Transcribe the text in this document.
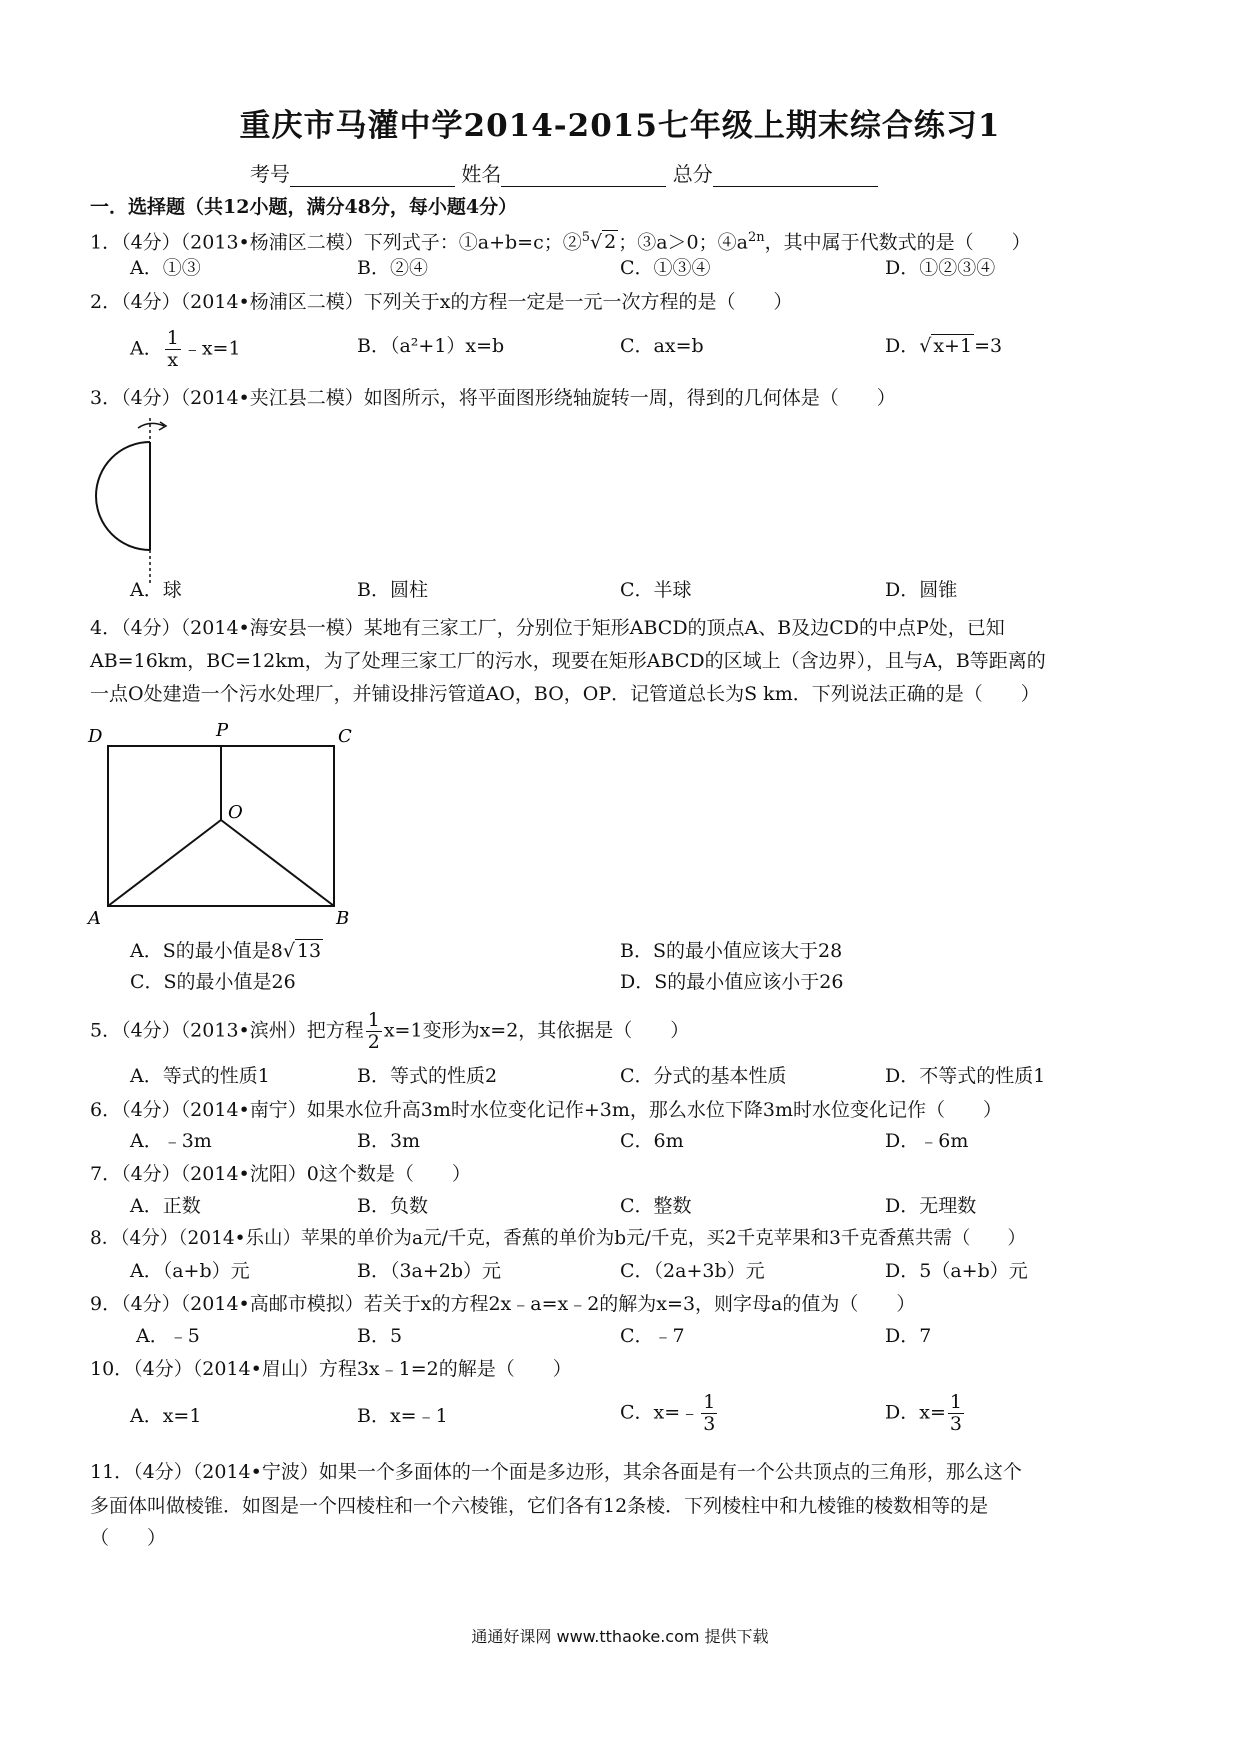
重庆市马灌中学2014-2015七年级上期末综合练习1
考号	姓名	总分
一．选择题（共12小题，满分48分，每小题4分）
1．（4分）（2013•杨浦区二模）下列式子：①a+b=c；②$^5$√ 2 ；③a＞0；$④a^{2n}$，其中属于代数式的是（　　）
A．①③	B．②④	C．①③④	D．①②③④
2．（4分）（2014•杨浦区二模）下列关于x的方程一定是一元一次方程的是（　　）
A． $\frac{1}{x}$ ﹣x=1	B．（a²+1）x=b	C．ax=b	D．√ x+1 =3
3．（4分）（2014•夹江县二模）如图所示，将平面图形绕轴旋转一周，得到的几何体是（　　）
A．球	B．圆柱	C．半球	D．圆锥
4．（4分）（2014•海安县一模）某地有三家工厂，分别位于矩形ABCD的顶点A、B及边CD的中点P处，已知
AB=16km，BC=12km，为了处理三家工厂的污水，现要在矩形ABCD的区域上（含边界），且与A，B等距离的
一点O处建造一个污水处理厂，并铺设排污管道AO，BO，OP．记管道总长为S km．下列说法正确的是（　　）
D	P	C
O
A	B
A．S的最小值是8√ 13	B．S的最小值应该大于28
C．S的最小值是26	D．S的最小值应该小于26
5．（4分）（2013•滨州）把方程 $\frac{1}{2} x=1$变形为x=2，其依据是（　　）
A．等式的性质1	B．等式的性质2	C．分式的基本性质	D．不等式的性质1
6．（4分）（2014•南宁）如果水位升高3m时水位变化记作+3m，那么水位下降3m时水位变化记作（　　）
A．﹣3m	B．3m	C．6m	D．﹣6m
7．（4分）（2014•沈阳）0这个数是（　　）
A．正数	B．负数	C．整数	D．无理数
8．（4分）（2014•乐山）苹果的单价为a元/千克，香蕉的单价为b元/千克，买2千克苹果和3千克香蕉共需（　　）
A．（a+b）元	B．（3a+2b）元	C．（2a+3b）元	D．5（a+b）元
9．（4分）（2014•高邮市模拟）若关于x的方程2x﹣a=x﹣2的解为x=3，则字母a的值为（　　）
A．﹣5	B．5	C．﹣7	D．7
10．（4分）（2014•眉山）方程3x﹣1=2的解是（　　）
A．x=1	B．x=﹣1	C．x=﹣ $\frac{1}{3}$	D．$x= \frac{1}{3}$
11．（4分）（2014•宁波）如果一个多面体的一个面是多边形，其余各面是有一个公共顶点的三角形，那么这个
多面体叫做棱锥．如图是一个四棱柱和一个六棱锥，它们各有12条棱．下列棱柱中和九棱锥的棱数相等的是
（　　）
通通好课网 www.tthaoke.com 提供下载
